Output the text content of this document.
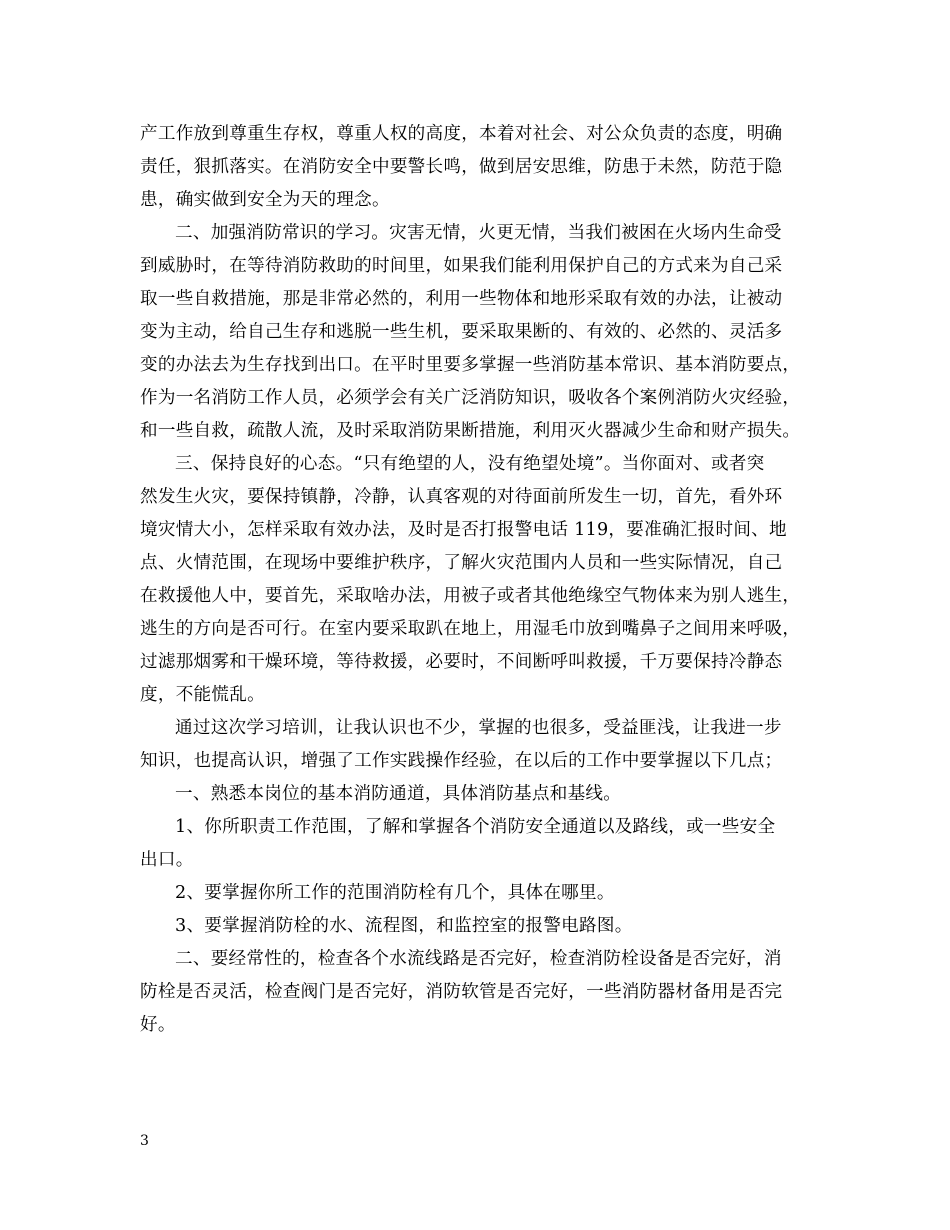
产工作放到尊重生存权，尊重人权的高度，本着对社会、对公众负责的态度，明确
责任，狠抓落实。在消防安全中要警长鸣，做到居安思维，防患于未然，防范于隐
患，确实做到安全为天的理念。
二、加强消防常识的学习。灾害无情，火更无情，当我们被困在火场内生命受
到威胁时，在等待消防救助的时间里，如果我们能利用保护自己的方式来为自己采
取一些自救措施，那是非常必然的，利用一些物体和地形采取有效的办法，让被动
变为主动，给自己生存和逃脱一些生机，要采取果断的、有效的、必然的、灵活多
变的办法去为生存找到出口。在平时里要多掌握一些消防基本常识、基本消防要点，
作为一名消防工作人员，必须学会有关广泛消防知识，吸收各个案例消防火灾经验，
和一些自救，疏散人流，及时采取消防果断措施，利用灭火器减少生命和财产损失。
三、保持良好的心态。“只有绝望的人，没有绝望处境”。当你面对、或者突
然发生火灾，要保持镇静，冷静，认真客观的对待面前所发生一切，首先，看外环
境灾情大小，怎样采取有效办法，及时是否打报警电话 119，要准确汇报时间、地
点、火情范围，在现场中要维护秩序，了解火灾范围内人员和一些实际情况，自己
在救援他人中，要首先，采取啥办法，用被子或者其他绝缘空气物体来为别人逃生，
逃生的方向是否可行。在室内要采取趴在地上，用湿毛巾放到嘴鼻子之间用来呼吸，
过滤那烟雾和干燥环境，等待救援，必要时，不间断呼叫救援，千万要保持冷静态
度，不能慌乱。
通过这次学习培训，让我认识也不少，掌握的也很多，受益匪浅，让我进一步
知识，也提高认识，增强了工作实践操作经验，在以后的工作中要掌握以下几点；
一、熟悉本岗位的基本消防通道，具体消防基点和基线。
1、你所职责工作范围，了解和掌握各个消防安全通道以及路线，或一些安全
出口。
2、要掌握你所工作的范围消防栓有几个，具体在哪里。
3、要掌握消防栓的水、流程图，和监控室的报警电路图。
二、要经常性的，检查各个水流线路是否完好，检查消防栓设备是否完好，消
防栓是否灵活，检查阀门是否完好，消防软管是否完好，一些消防器材备用是否完
好。
3
